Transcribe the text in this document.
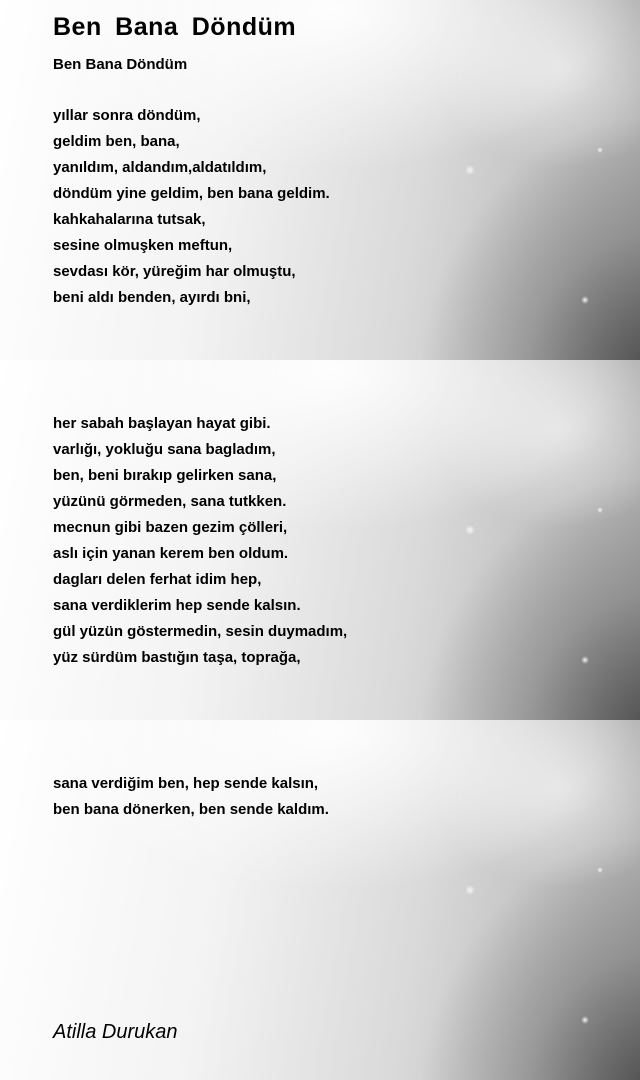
Ben Bana Döndüm
Ben Bana Döndüm
yıllar sonra döndüm,
geldim ben, bana,
yanıldım, aldandım,aldatıldım,
döndüm yine geldim, ben bana geldim.
kahkahalarına tutsak,
sesine olmuşken meftun,
sevdası kör, yüreğim har olmuştu,
beni aldı benden, ayırdı bni,
her sabah başlayan hayat gibi.
varlığı, yokluğu sana bagladım,
ben, beni bırakıp gelirken sana,
yüzünü görmeden, sana tutkken.
mecnun gibi bazen gezim çölleri,
aslı için yanan kerem ben oldum.
dagları delen ferhat idim hep,
sana verdiklerim hep sende kalsın.
gül yüzün göstermedin, sesin duymadım,
yüz sürdüm bastığın taşa, toprağa,
sana verdiğim ben, hep sende kalsın,
ben bana dönerken, ben sende kaldım.
Atilla Durukan
